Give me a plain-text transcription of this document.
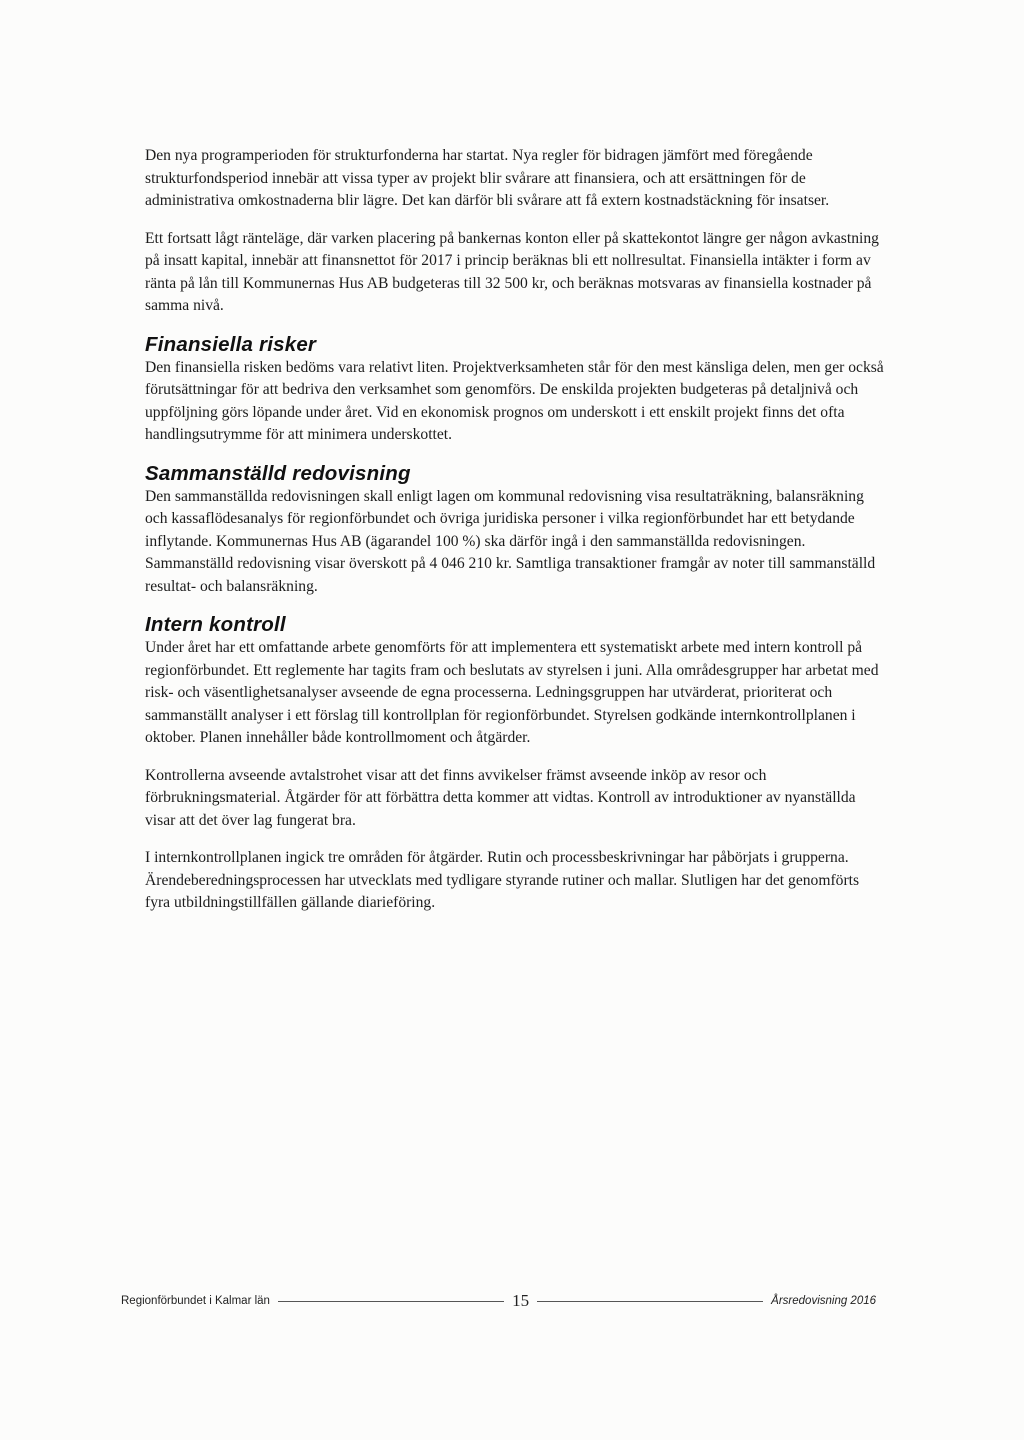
Den nya programperioden för strukturfonderna har startat. Nya regler för bidragen jämfört med föregående strukturfondsperiod innebär att vissa typer av projekt blir svårare att finansiera, och att ersättningen för de administrativa omkostnaderna blir lägre. Det kan därför bli svårare att få extern kostnadstäckning för insatser.

Ett fortsatt lågt ränteläge, där varken placering på bankernas konton eller på skattekontot längre ger någon avkastning på insatt kapital, innebär att finansnettot för 2017 i princip beräknas bli ett nollresultat. Finansiella intäkter i form av ränta på lån till Kommunernas Hus AB budgeteras till 32 500 kr, och beräknas motsvaras av finansiella kostnader på samma nivå.

Finansiella risker

Den finansiella risken bedöms vara relativt liten. Projektverksamheten står för den mest känsliga delen, men ger också förutsättningar för att bedriva den verksamhet som genomförs. De enskilda projekten budgeteras på detaljnivå och uppföljning görs löpande under året. Vid en ekonomisk prognos om underskott i ett enskilt projekt finns det ofta handlingsutrymme för att minimera underskottet.

Sammanställd redovisning

Den sammanställda redovisningen skall enligt lagen om kommunal redovisning visa resultaträkning, balansräkning och kassaflödesanalys för regionförbundet och övriga juridiska personer i vilka regionförbundet har ett betydande inflytande. Kommunernas Hus AB (ägarandel 100 %) ska därför ingå i den sammanställda redovisningen. Sammanställd redovisning visar överskott på 4 046 210 kr. Samtliga transaktioner framgår av noter till sammanställd resultat- och balansräkning.

Intern kontroll

Under året har ett omfattande arbete genomförts för att implementera ett systematiskt arbete med intern kontroll på regionförbundet. Ett reglemente har tagits fram och beslutats av styrelsen i juni. Alla områdesgrupper har arbetat med risk- och väsentlighetsanalyser avseende de egna processerna. Ledningsgruppen har utvärderat, prioriterat och sammanställt analyser i ett förslag till kontrollplan för regionförbundet. Styrelsen godkände internkontrollplanen i oktober. Planen innehåller både kontrollmoment och åtgärder.

Kontrollerna avseende avtalstrohet visar att det finns avvikelser främst avseende inköp av resor och förbrukningsmaterial. Åtgärder för att förbättra detta kommer att vidtas. Kontroll av introduktioner av nyanställda visar att det över lag fungerat bra.

I internkontrollplanen ingick tre områden för åtgärder. Rutin och processbeskrivningar har påbörjats i grupperna. Ärendeberedningsprocessen har utvecklats med tydligare styrande rutiner och mallar. Slutligen har det genomförts fyra utbildningstillfällen gällande diarieföring.

Regionförbundet i Kalmar län	15	Årsredovisning 2016
